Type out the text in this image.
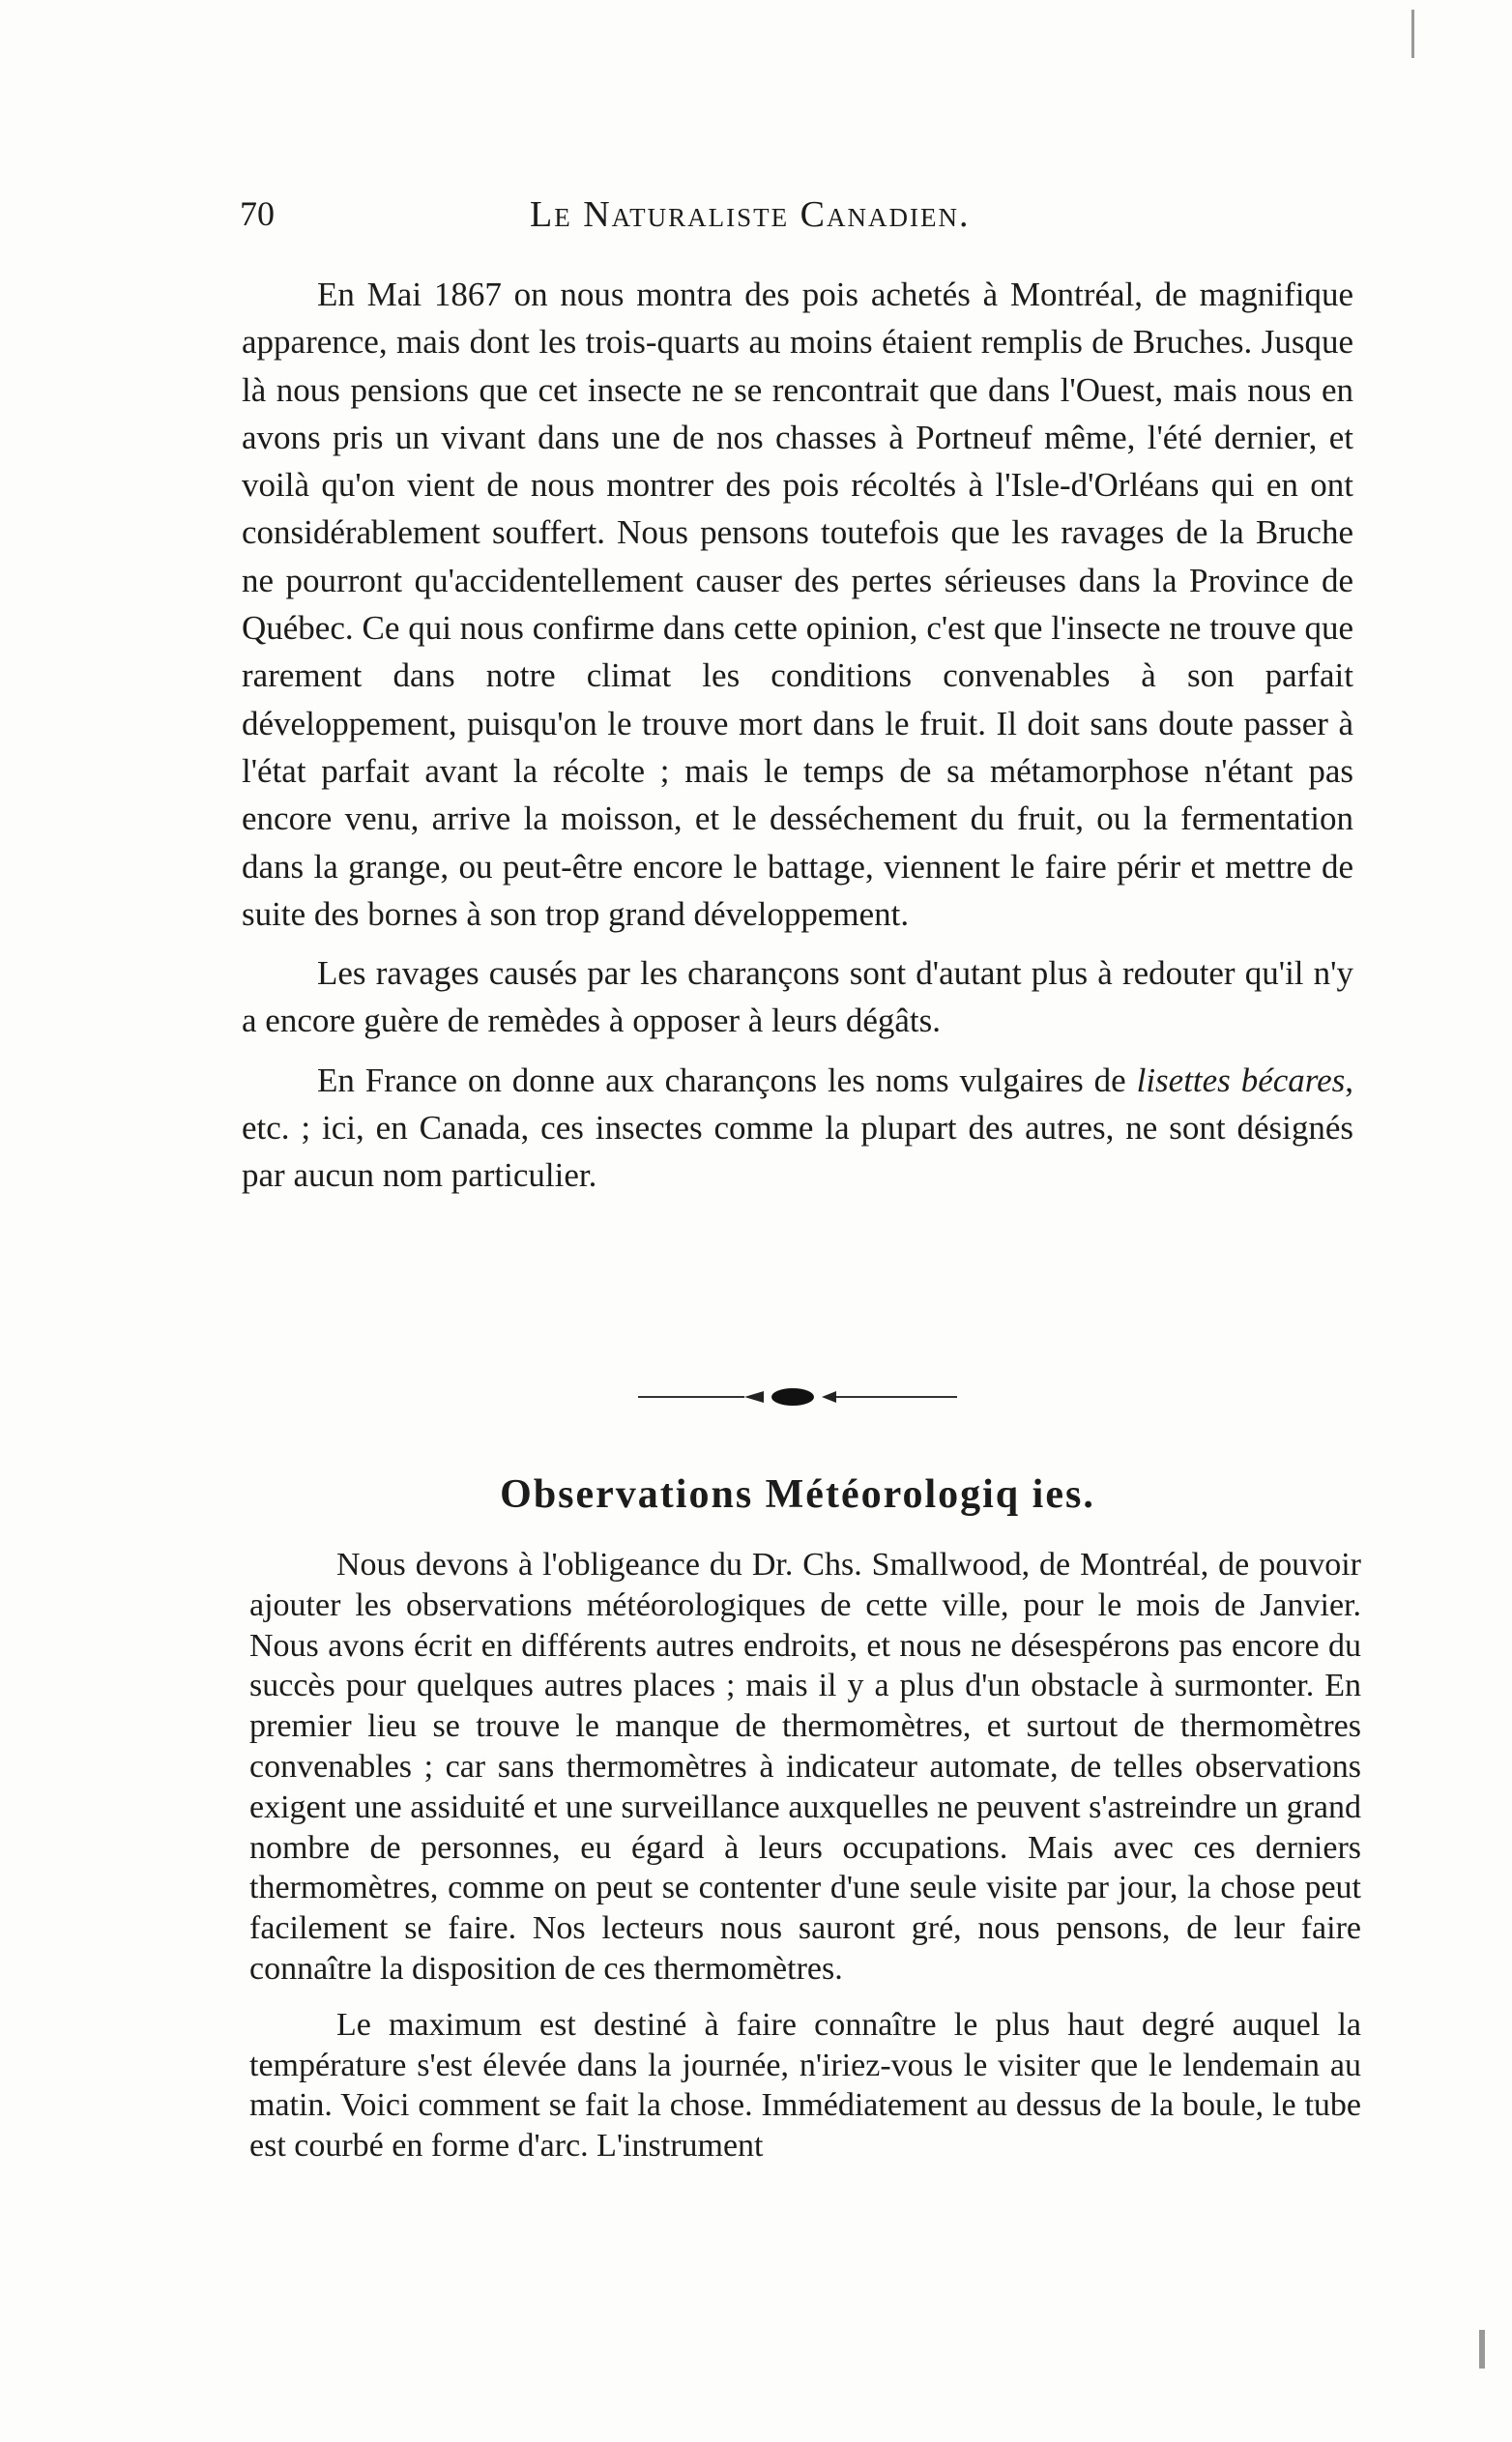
70	Le Naturaliste Canadien.

En Mai 1867 on nous montra des pois achetés à Montréal, de magnifique apparence, mais dont les trois-quarts au moins étaient remplis de Bruches. Jusque là nous pensions que cet insecte ne se rencontrait que dans l'Ouest, mais nous en avons pris un vivant dans une de nos chasses à Portneuf même, l'été dernier, et voilà qu'on vient de nous montrer des pois récoltés à l'Isle-d'Orléans qui en ont considérablement souffert. Nous pensons toutefois que les ravages de la Bruche ne pourront qu'accidentellement causer des pertes sérieuses dans la Province de Québec. Ce qui nous confirme dans cette opinion, c'est que l'insecte ne trouve que rarement dans notre climat les conditions convenables à son parfait développement, puisqu'on le trouve mort dans le fruit. Il doit sans doute passer à l'état parfait avant la récolte ; mais le temps de sa métamorphose n'étant pas encore venu, arrive la moisson, et le desséchement du fruit, ou la fermentation dans la grange, ou peut-être encore le battage, viennent le faire périr et mettre de suite des bornes à son trop grand développement.

Les ravages causés par les charançons sont d'autant plus à redouter qu'il n'y a encore guère de remèdes à opposer à leurs dégâts.

En France on donne aux charançons les noms vulgaires de lisettes bécares, etc. ; ici, en Canada, ces insectes comme la plupart des autres, ne sont désignés par aucun nom particulier.

Observations Météorologiq ies.

Nous devons à l'obligeance du Dr. Chs. Smallwood, de Montréal, de pouvoir ajouter les observations météorologiques de cette ville, pour le mois de Janvier. Nous avons écrit en différents autres endroits, et nous ne désespérons pas encore du succès pour quelques autres places ; mais il y a plus d'un obstacle à surmonter. En premier lieu se trouve le manque de thermomètres, et surtout de thermomètres convenables ; car sans thermomètres à indicateur automate, de telles observations exigent une assiduité et une surveillance auxquelles ne peuvent s'astreindre un grand nombre de personnes, eu égard à leurs occupations. Mais avec ces derniers thermomètres, comme on peut se contenter d'une seule visite par jour, la chose peut facilement se faire. Nos lecteurs nous sauront gré, nous pensons, de leur faire connaître la disposition de ces thermomètres.

Le maximum est destiné à faire connaître le plus haut degré auquel la température s'est élevée dans la journée, n'iriez-vous le visiter que le lendemain au matin. Voici comment se fait la chose. Immédiatement au dessus de la boule, le tube est courbé en forme d'arc. L'instrument
